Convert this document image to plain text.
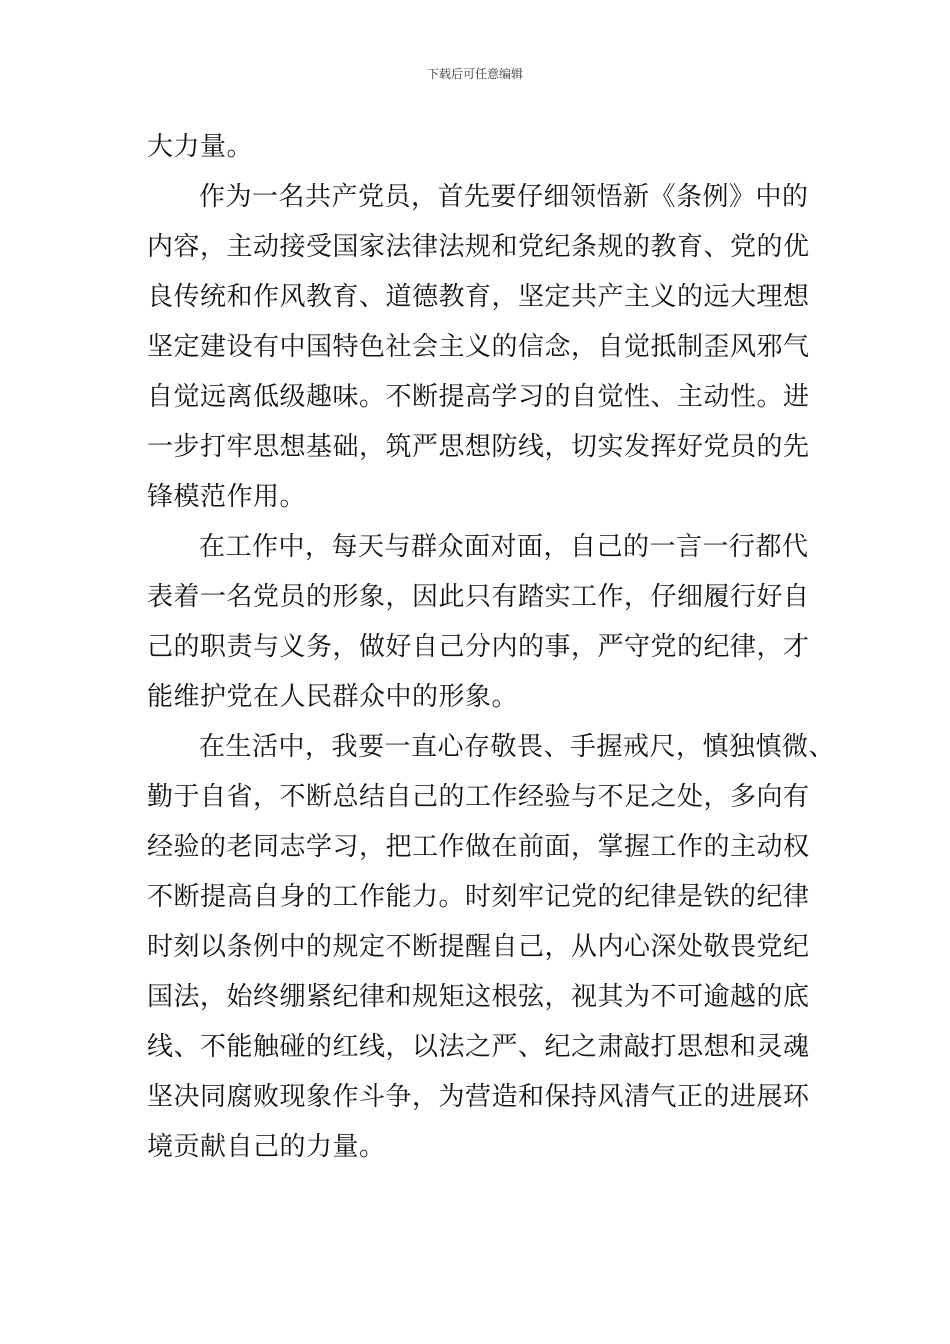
下载后可任意编辑
大力量。
作为一名共产党员，首先要仔细领悟新《条例》中的
内容，主动接受国家法律法规和党纪条规的教育、党的优
良传统和作风教育、道德教育，坚定共产主义的远大理想
坚定建设有中国特色社会主义的信念，自觉抵制歪风邪气
自觉远离低级趣味。不断提高学习的自觉性、主动性。进
一步打牢思想基础，筑严思想防线，切实发挥好党员的先
锋模范作用。
在工作中，每天与群众面对面，自己的一言一行都代
表着一名党员的形象，因此只有踏实工作，仔细履行好自
己的职责与义务，做好自己分内的事，严守党的纪律，才
能维护党在人民群众中的形象。
在生活中，我要一直心存敬畏、手握戒尺，慎独慎微、
勤于自省，不断总结自己的工作经验与不足之处，多向有
经验的老同志学习，把工作做在前面，掌握工作的主动权
不断提高自身的工作能力。时刻牢记党的纪律是铁的纪律
时刻以条例中的规定不断提醒自己，从内心深处敬畏党纪
国法，始终绷紧纪律和规矩这根弦，视其为不可逾越的底
线、不能触碰的红线，以法之严、纪之肃敲打思想和灵魂
坚决同腐败现象作斗争，为营造和保持风清气正的进展环
境贡献自己的力量。
